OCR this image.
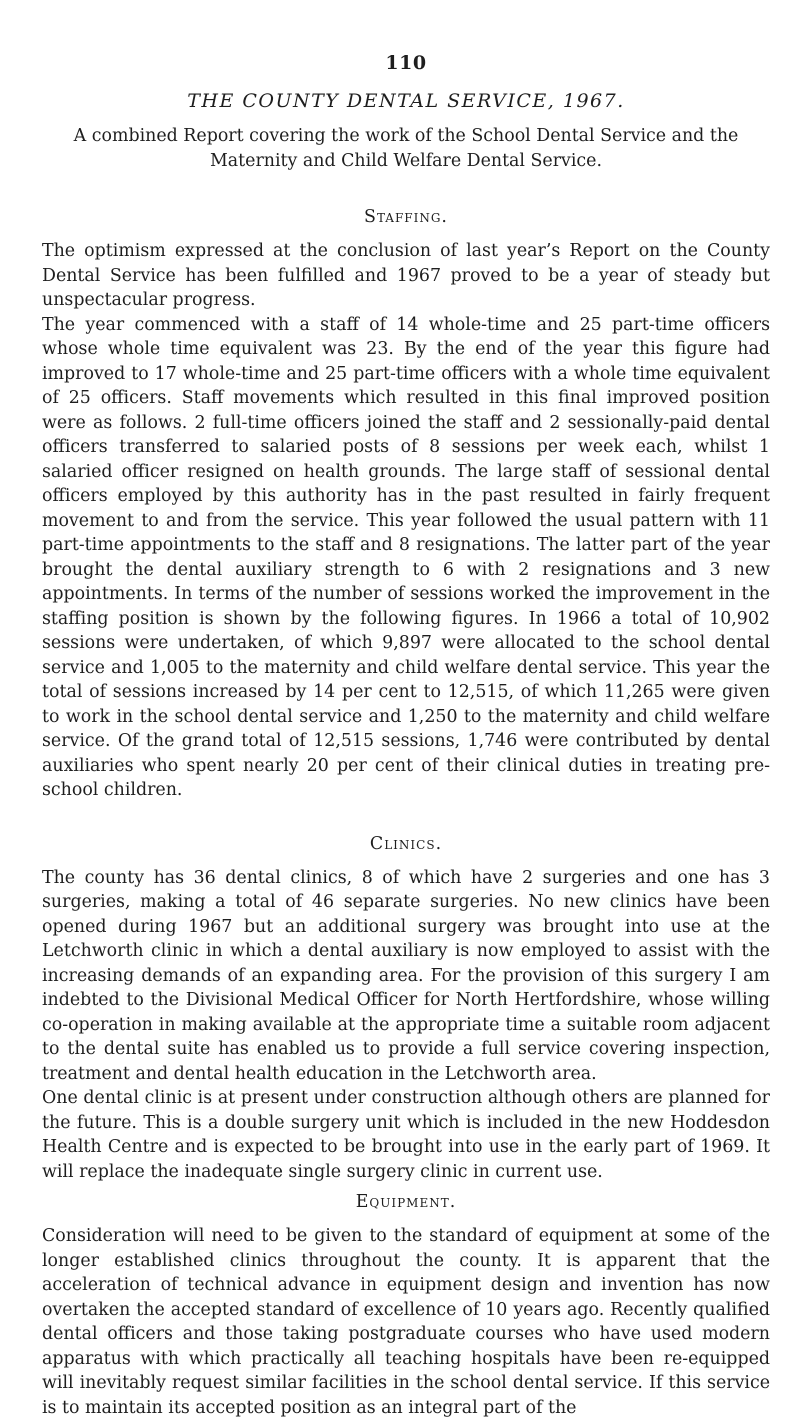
110
THE COUNTY DENTAL SERVICE, 1967.
A combined Report covering the work of the School Dental Service and the Maternity and Child Welfare Dental Service.
Staffing.

The optimism expressed at the conclusion of last year’s Report on the County Dental Service has been fulfilled and 1967 proved to be a year of steady but unspectacular progress.

The year commenced with a staff of 14 whole-time and 25 part-time officers whose whole time equivalent was 23. By the end of the year this figure had improved to 17 whole-time and 25 part-time officers with a whole time equivalent of 25 officers. Staff movements which resulted in this final improved position were as follows. 2 full-time officers joined the staff and 2 sessionally-paid dental officers transferred to salaried posts of 8 sessions per week each, whilst 1 salaried officer resigned on health grounds. The large staff of sessional dental officers employed by this authority has in the past resulted in fairly frequent movement to and from the service. This year followed the usual pattern with 11 part-time appointments to the staff and 8 resignations. The latter part of the year brought the dental auxiliary strength to 6 with 2 resignations and 3 new appointments. In terms of the number of sessions worked the improvement in the staffing position is shown by the following figures. In 1966 a total of 10,902 sessions were undertaken, of which 9,897 were allocated to the school dental service and 1,005 to the maternity and child welfare dental service. This year the total of sessions increased by 14 per cent to 12,515, of which 11,265 were given to work in the school dental service and 1,250 to the maternity and child welfare service. Of the grand total of 12,515 sessions, 1,746 were contributed by dental auxiliaries who spent nearly 20 per cent of their clinical duties in treating pre-school children.

Clinics.

The county has 36 dental clinics, 8 of which have 2 surgeries and one has 3 surgeries, making a total of 46 separate surgeries. No new clinics have been opened during 1967 but an additional surgery was brought into use at the Letchworth clinic in which a dental auxiliary is now employed to assist with the increasing demands of an expanding area. For the provision of this surgery I am indebted to the Divisional Medical Officer for North Hertfordshire, whose willing co-operation in making available at the appropriate time a suitable room adjacent to the dental suite has enabled us to provide a full service covering inspection, treatment and dental health education in the Letchworth area.

One dental clinic is at present under construction although others are planned for the future. This is a double surgery unit which is included in the new Hoddesdon Health Centre and is expected to be brought into use in the early part of 1969. It will replace the inadequate single surgery clinic in current use.

Equipment.

Consideration will need to be given to the standard of equipment at some of the longer established clinics throughout the county. It is apparent that the acceleration of technical advance in equipment design and invention has now overtaken the accepted standard of excellence of 10 years ago. Recently qualified dental officers and those taking postgraduate courses who have used modern apparatus with which practically all teaching hospitals have been re-equipped will inevitably request similar facilities in the school dental service. If this service is to maintain its accepted position as an integral part of the
